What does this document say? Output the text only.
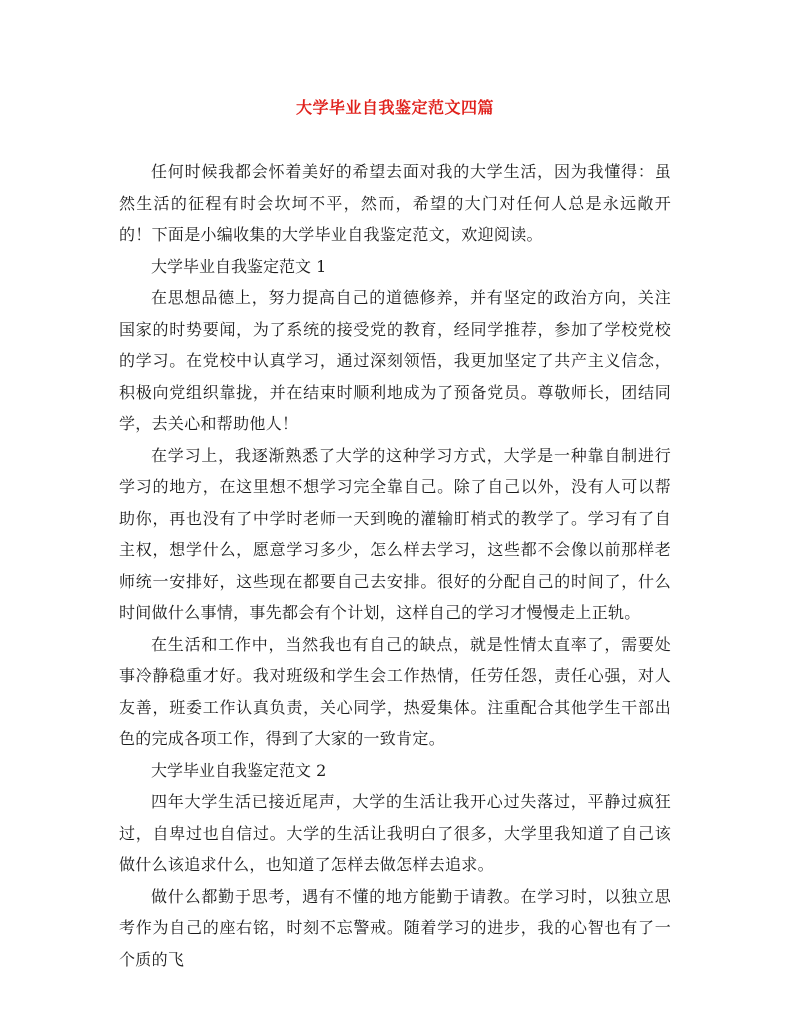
大学毕业自我鉴定范文四篇

任何时候我都会怀着美好的希望去面对我的大学生活，因为我懂得：虽然生活的征程有时会坎坷不平，然而，希望的大门对任何人总是永远敞开的！下面是小编收集的大学毕业自我鉴定范文，欢迎阅读。

大学毕业自我鉴定范文 1

在思想品德上，努力提高自己的道德修养，并有坚定的政治方向，关注国家的时势要闻，为了系统的接受党的教育，经同学推荐，参加了学校党校的学习。在党校中认真学习，通过深刻领悟，我更加坚定了共产主义信念，积极向党组织靠拢，并在结束时顺利地成为了预备党员。尊敬师长，团结同学，去关心和帮助他人！

在学习上，我逐渐熟悉了大学的这种学习方式，大学是一种靠自制进行学习的地方，在这里想不想学习完全靠自己。除了自己以外，没有人可以帮助你，再也没有了中学时老师一天到晚的灌输盯梢式的教学了。学习有了自主权，想学什么，愿意学习多少，怎么样去学习，这些都不会像以前那样老师统一安排好，这些现在都要自己去安排。很好的分配自己的时间了，什么时间做什么事情，事先都会有个计划，这样自己的学习才慢慢走上正轨。

在生活和工作中，当然我也有自己的缺点，就是性情太直率了，需要处事冷静稳重才好。我对班级和学生会工作热情，任劳任怨，责任心强，对人友善，班委工作认真负责，关心同学，热爱集体。注重配合其他学生干部出色的完成各项工作，得到了大家的一致肯定。

大学毕业自我鉴定范文 2

四年大学生活已接近尾声，大学的生活让我开心过失落过，平静过疯狂过，自卑过也自信过。大学的生活让我明白了很多，大学里我知道了自己该做什么该追求什么，也知道了怎样去做怎样去追求。

做什么都勤于思考，遇有不懂的地方能勤于请教。在学习时，以独立思考作为自己的座右铭，时刻不忘警戒。随着学习的进步，我的心智也有了一个质的飞
